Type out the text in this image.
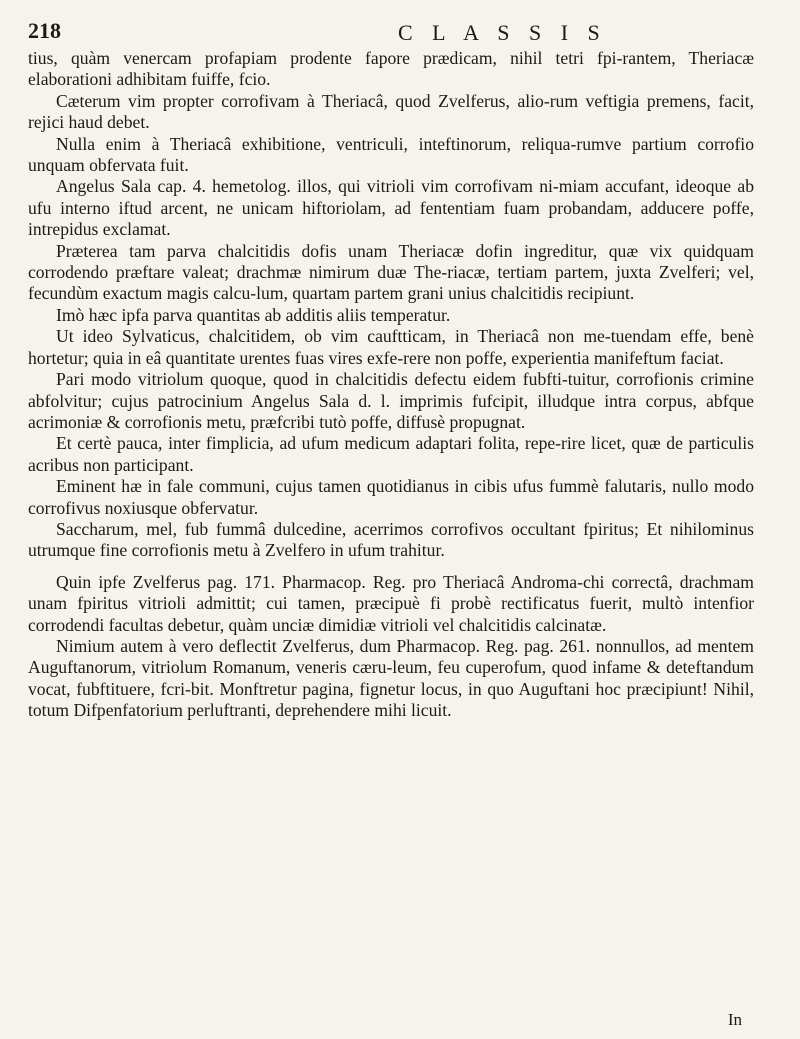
218	C L A S S I S

tius, quàm venercam profapiam prodente fapore prædicam, nihil tetri fpi-rantem, Theriacæ elaborationi adhibitam fuiffe, fcio.

Cæterum vim propter corrofivam à Theriacâ, quod Zvelferus, alio-rum veftigia premens, facit, rejici haud debet.

Nulla enim à Theriacâ exhibitione, ventriculi, inteftinorum, reliqua-rumve partium corrofio unquam obfervata fuit.

Angelus Sala cap. 4. hemetolog. illos, qui vitrioli vim corrofivam ni-miam accufant, ideoque ab ufu interno iftud arcent, ne unicam hiftoriolam, ad fententiam fuam probandam, adducere poffe, intrepidus exclamat.

Præterea tam parva chalcitidis dofis unam Theriacæ dofin ingreditur, quæ vix quidquam corrodendo præftare valeat; drachmæ nimirum duæ The-riacæ, tertiam partem, juxta Zvelferi; vel, fecundùm exactum magis calcu-lum, quartam partem grani unius chalcitidis recipiunt.

Imò hæc ipfa parva quantitas ab additis aliis temperatur.

Ut ideo Sylvaticus, chalcitidem, ob vim cauftticam, in Theriacâ non me-tuendam effe, benè hortetur; quia in eâ quantitate urentes fuas vires exfe-rere non poffe, experientia manifeftum faciat.

Pari modo vitriolum quoque, quod in chalcitidis defectu eidem fubfti-tuitur, corrofionis crimine abfolvitur; cujus patrocinium Angelus Sala d. l. imprimis fufcipit, illudque intra corpus, abfque acrimoniæ & corrofionis metu, præfcribi tutò poffe, diffusè propugnat.

Et certè pauca, inter fimplicia, ad ufum medicum adaptari folita, repe-rire licet, quæ de particulis acribus non participant.

Eminent hæ in fale communi, cujus tamen quotidianus in cibis ufus fummè falutaris, nullo modo corrofivus noxiusque obfervatur.

Saccharum, mel, fub fummâ dulcedine, acerrimos corrofivos occultant fpiritus; Et nihilominus utrumque fine corrofionis metu à Zvelfero in ufum trahitur.

Quin ipfe Zvelferus pag. 171. Pharmacop. Reg. pro Theriacâ Androma-chi correctâ, drachmam unam fpiritus vitrioli admittit; cui tamen, præcipuè fi probè rectificatus fuerit, multò intenfior corrodendi facultas debetur, quàm unciæ dimidiæ vitrioli vel chalcitidis calcinatæ.

Nimium autem à vero deflectit Zvelferus, dum Pharmacop. Reg. pag. 261. nonnullos, ad mentem Auguftanorum, vitriolum Romanum, veneris cæru-leum, feu cuperofum, quod infame & deteftandum vocat, fubftituere, fcri-bit. Monftretur pagina, fignetur locus, in quo Auguftani hoc præcipiunt! Nihil, totum Difpenfatorium perluftranti, deprehendere mihi licuit.

In
